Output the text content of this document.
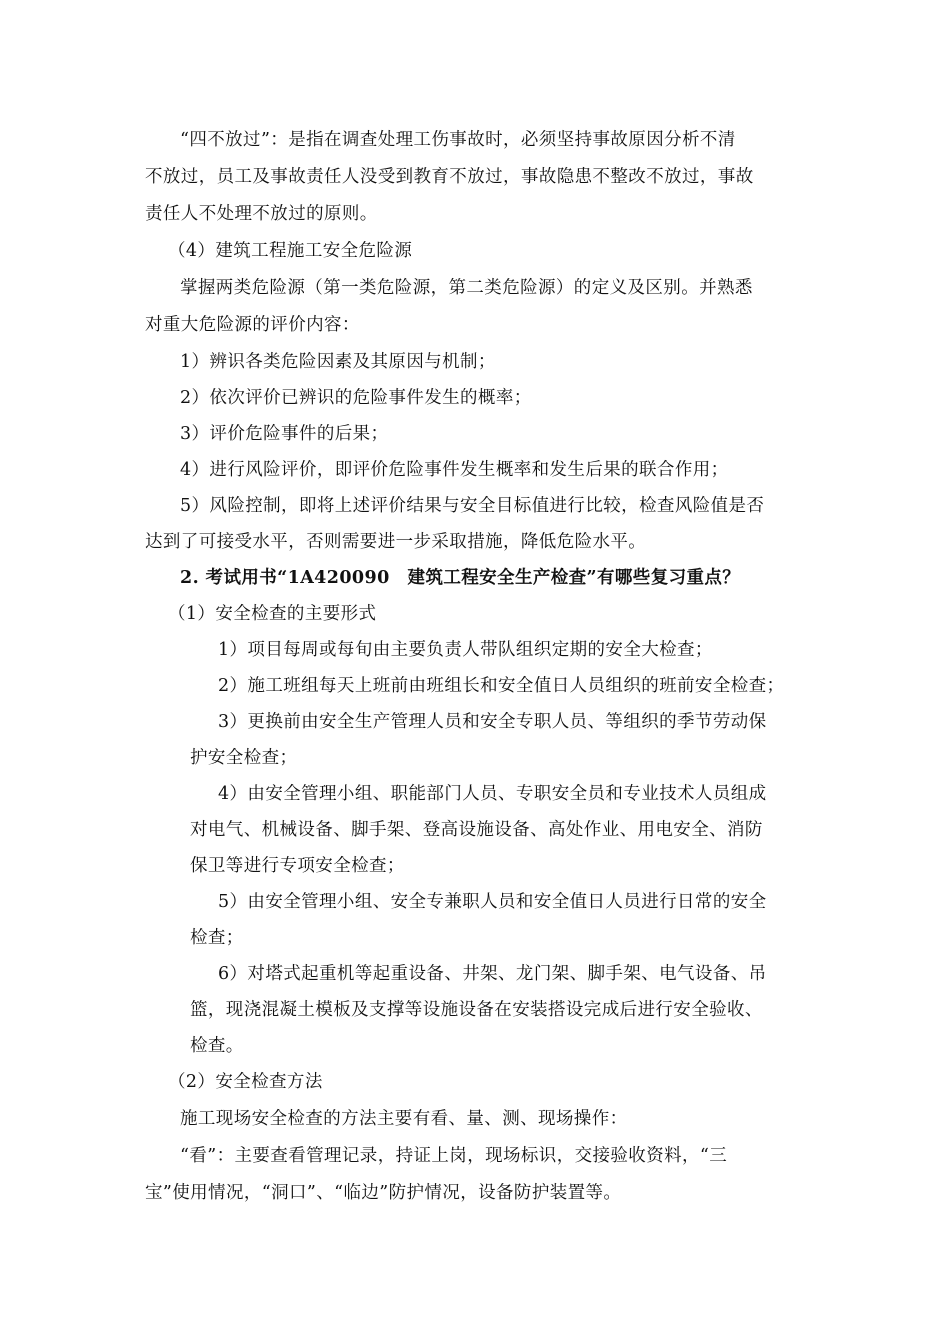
“四不放过”：是指在调查处理工伤事故时，必须坚持事故原因分析不清
不放过，员工及事故责任人没受到教育不放过，事故隐患不整改不放过，事故
责任人不处理不放过的原则。
（4）建筑工程施工安全危险源
掌握两类危险源（第一类危险源，第二类危险源）的定义及区别。并熟悉
对重大危险源的评价内容：
1）辨识各类危险因素及其原因与机制；
2）依次评价已辨识的危险事件发生的概率；
3）评价危险事件的后果；
4）进行风险评价，即评价危险事件发生概率和发生后果的联合作用；
5）风险控制，即将上述评价结果与安全目标值进行比较，检查风险值是否
达到了可接受水平，否则需要进一步采取措施，降低危险水平。
2. 考试用书“1A420090　建筑工程安全生产检查”有哪些复习重点？
（1）安全检查的主要形式
1）项目每周或每旬由主要负责人带队组织定期的安全大检查；
2）施工班组每天上班前由班组长和安全值日人员组织的班前安全检查；
3）更换前由安全生产管理人员和安全专职人员、等组织的季节劳动保
护安全检查；
4）由安全管理小组、职能部门人员、专职安全员和专业技术人员组成
对电气、机械设备、脚手架、登高设施设备、高处作业、用电安全、消防
保卫等进行专项安全检查；
5）由安全管理小组、安全专兼职人员和安全值日人员进行日常的安全
检查；
6）对塔式起重机等起重设备、井架、龙门架、脚手架、电气设备、吊
篮，现浇混凝土模板及支撑等设施设备在安装搭设完成后进行安全验收、
检查。
（2）安全检查方法
施工现场安全检查的方法主要有看、量、测、现场操作：
“看”：主要查看管理记录，持证上岗，现场标识，交接验收资料，“三
宝”使用情况，“洞口”、“临边”防护情况，设备防护装置等。
